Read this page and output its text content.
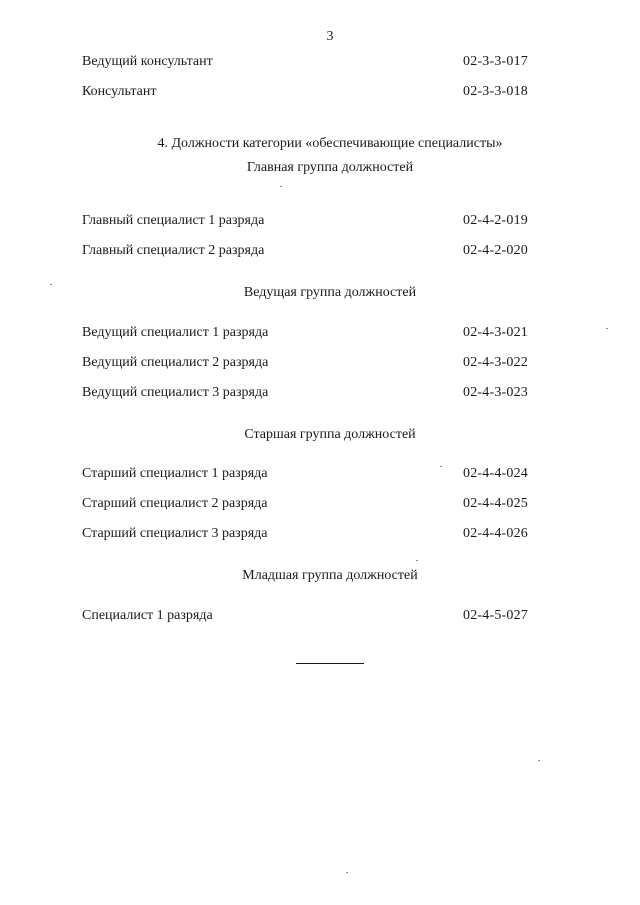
3
Ведущий консультант	02-3-3-017
Консультант	02-3-3-018
4. Должности категории «обеспечивающие специалисты»
Главная группа должностей
Главный специалист 1 разряда	02-4-2-019
Главный специалист 2 разряда	02-4-2-020
Ведущая группа должностей
Ведущий специалист 1 разряда	02-4-3-021
Ведущий специалист 2 разряда	02-4-3-022
Ведущий специалист 3 разряда	02-4-3-023
Старшая группа должностей
Старший специалист 1 разряда	02-4-4-024
Старший специалист 2 разряда	02-4-4-025
Старший специалист 3 разряда	02-4-4-026
Младшая группа должностей
Специалист 1 разряда	02-4-5-027
